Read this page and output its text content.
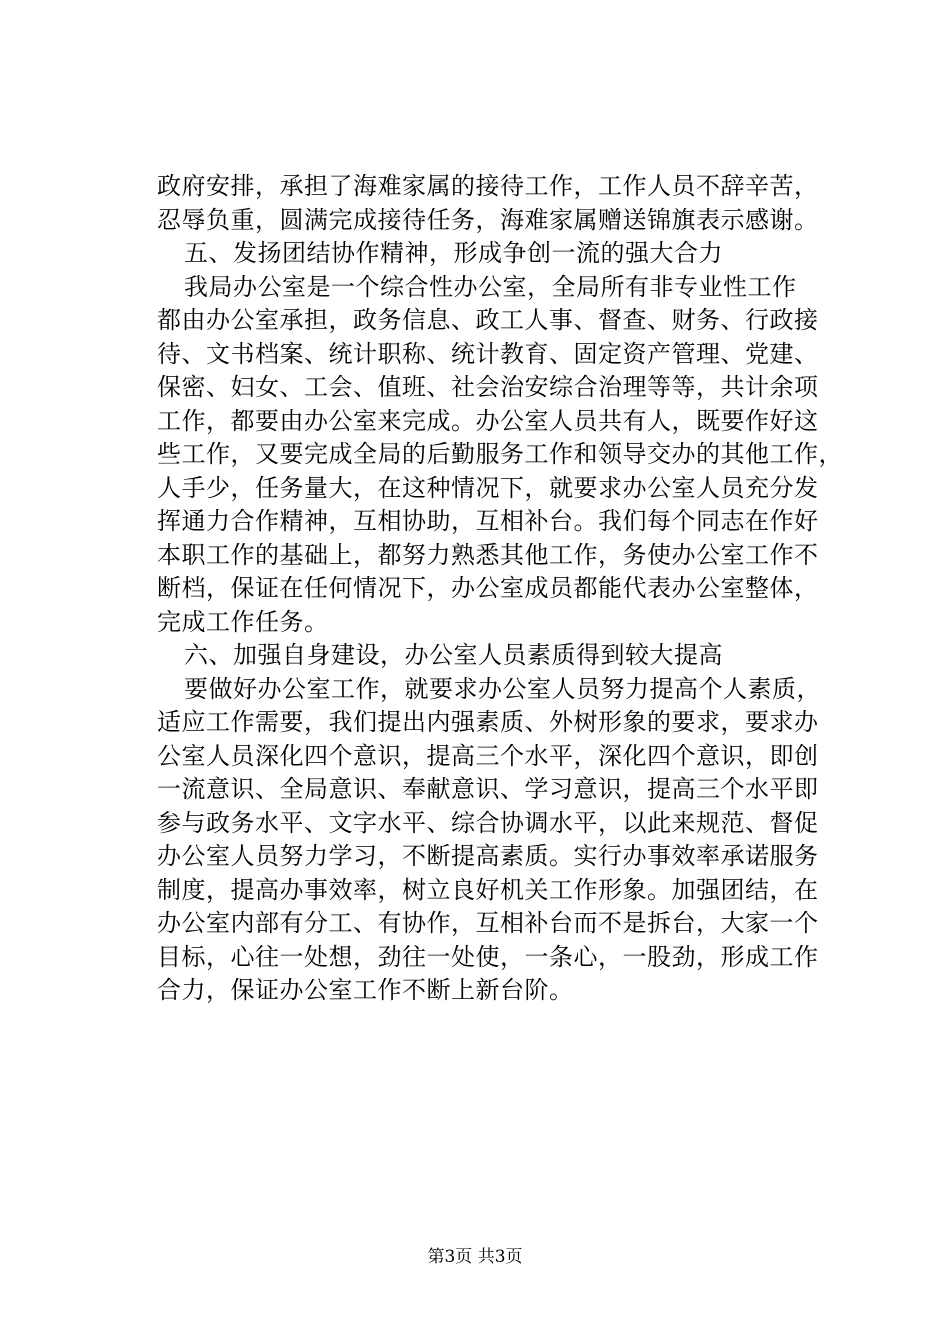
政府安排，承担了海难家属的接待工作，工作人员不辞辛苦，
忍辱负重，圆满完成接待任务，海难家属赠送锦旗表示感谢。
五、发扬团结协作精神，形成争创一流的强大合力
我局办公室是一个综合性办公室，全局所有非专业性工作
都由办公室承担，政务信息、政工人事、督查、财务、行政接
待、文书档案、统计职称、统计教育、固定资产管理、党建、
保密、妇女、工会、值班、社会治安综合治理等等，共计余项
工作，都要由办公室来完成。办公室人员共有人，既要作好这
些工作，又要完成全局的后勤服务工作和领导交办的其他工作，
人手少，任务量大，在这种情况下，就要求办公室人员充分发
挥通力合作精神，互相协助，互相补台。我们每个同志在作好
本职工作的基础上，都努力熟悉其他工作，务使办公室工作不
断档，保证在任何情况下，办公室成员都能代表办公室整体，
完成工作任务。
六、加强自身建设，办公室人员素质得到较大提高
要做好办公室工作，就要求办公室人员努力提高个人素质，
适应工作需要，我们提出内强素质、外树形象的要求，要求办
公室人员深化四个意识，提高三个水平，深化四个意识，即创
一流意识、全局意识、奉献意识、学习意识，提高三个水平即
参与政务水平、文字水平、综合协调水平，以此来规范、督促
办公室人员努力学习，不断提高素质。实行办事效率承诺服务
制度，提高办事效率，树立良好机关工作形象。加强团结，在
办公室内部有分工、有协作，互相补台而不是拆台，大家一个
目标，心往一处想，劲往一处使，一条心，一股劲，形成工作
合力，保证办公室工作不断上新台阶。
第3页 共3页
